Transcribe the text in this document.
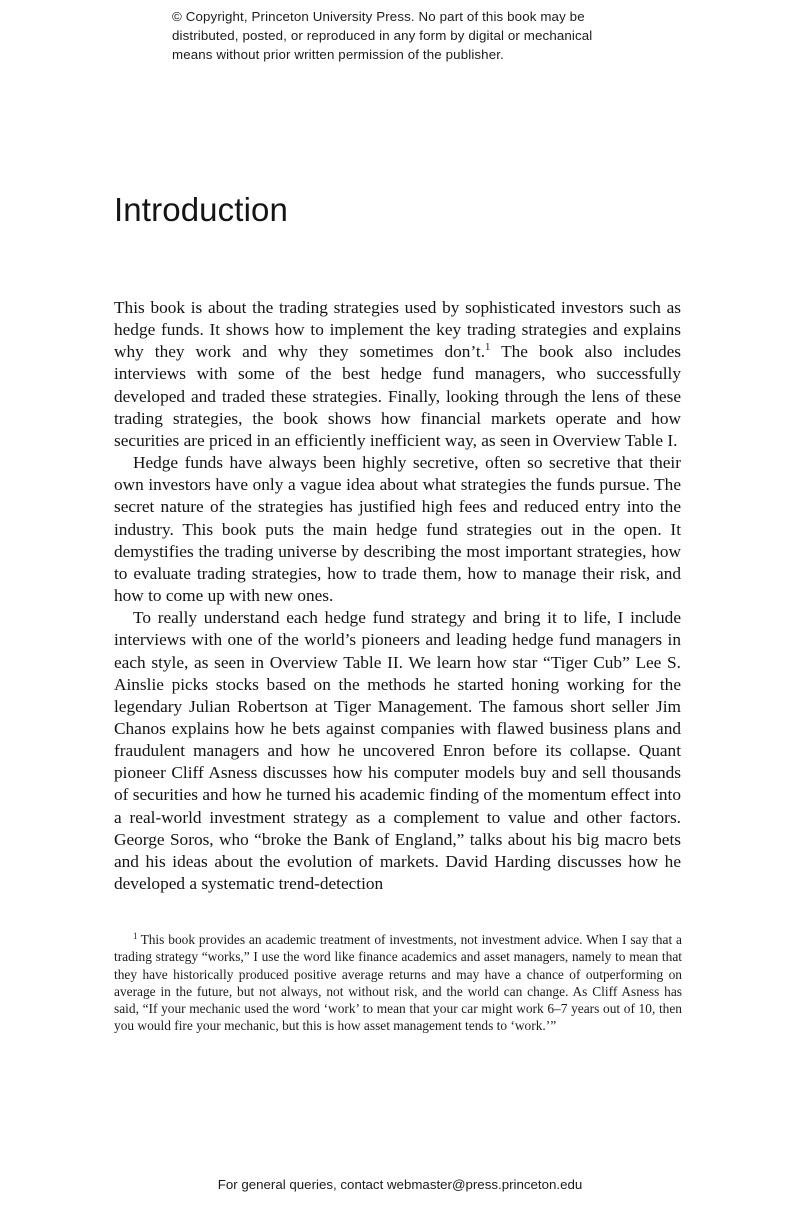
© Copyright, Princeton University Press. No part of this book may be
distributed, posted, or reproduced in any form by digital or mechanical
means without prior written permission of the publisher.
Introduction

This book is about the trading strategies used by sophisticated investors such as hedge funds. It shows how to implement the key trading strategies and explains why they work and why they sometimes don’t.$^1$ The book also includes interviews with some of the best hedge fund managers, who successfully developed and traded these strategies. Finally, looking through the lens of these trading strategies, the book shows how financial markets operate and how securities are priced in an efficiently inefficient way, as seen in Overview Table I.

Hedge funds have always been highly secretive, often so secretive that their own investors have only a vague idea about what strategies the funds pursue. The secret nature of the strategies has justified high fees and reduced entry into the industry. This book puts the main hedge fund strategies out in the open. It demystifies the trading universe by describing the most important strategies, how to evaluate trading strategies, how to trade them, how to manage their risk, and how to come up with new ones.

To really understand each hedge fund strategy and bring it to life, I include interviews with one of the world’s pioneers and leading hedge fund managers in each style, as seen in Overview Table II. We learn how star “Tiger Cub” Lee S. Ainslie picks stocks based on the methods he started honing working for the legendary Julian Robertson at Tiger Management. The famous short seller Jim Chanos explains how he bets against companies with flawed business plans and fraudulent managers and how he uncovered Enron before its collapse. Quant pioneer Cliff Asness discusses how his computer models buy and sell thousands of securities and how he turned his academic finding of the momentum effect into a real-world investment strategy as a complement to value and other factors. George Soros, who “broke the Bank of England,” talks about his big macro bets and his ideas about the evolution of markets. David Harding discusses how he developed a systematic trend-detection

$^1$ This book provides an academic treatment of investments, not investment advice. When I say that a trading strategy “works,” I use the word like finance academics and asset managers, namely to mean that they have historically produced positive average returns and may have a chance of outperforming on average in the future, but not always, not without risk, and the world can change. As Cliff Asness has said, “If your mechanic used the word ‘work’ to mean that your car might work 6–7 years out of 10, then you would fire your mechanic, but this is how asset management tends to ‘work.’”

For general queries, contact webmaster@press.princeton.edu
